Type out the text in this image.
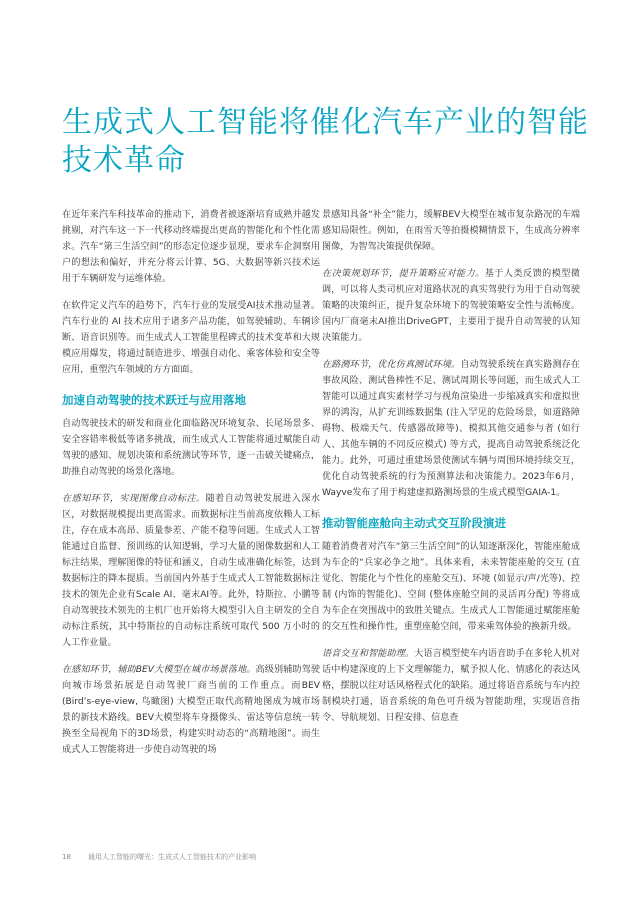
生成式人工智能将催化汽车产业的智能技术革命

在近年来汽车科技革命的推动下，消费者被逐渐培育成熟并越发挑剔，对汽车这一下一代移动终端提出更高的智能化和个性化需求。汽车“第三生活空间”的形态定位逐步显现，要求车企洞察用户的想法和偏好，并充分将云计算、5G、大数据等新兴技术运用于车辆研发与运维体验。

在软件定义汽车的趋势下，汽车行业的发展受AI技术推动显著。汽车行业的 AI 技术应用于诸多产品功能，如驾驶辅助、车辆诊断、语音识别等。而生成式人工智能里程碑式的技术变革和大规模应用爆发，将通过制造进步、增强自动化、乘客体验和安全等应用，重塑汽车领域的方方面面。

加速自动驾驶的技术跃迁与应用落地

自动驾驶技术的研发和商业化面临路况环境复杂、长尾场景多、安全容错率极低等诸多挑战，而生成式人工智能将通过赋能自动驾驶的感知、规划决策和系统测试等环节，逐一击破关键痛点，助推自动驾驶的场景化落地。

在感知环节，实现图像自动标注。随着自动驾驶发展进入深水区，对数据规模提出更高需求。而数据标注当前高度依赖人工标注，存在成本高昂、质量参差、产能不稳等问题。生成式人工智能通过自监督、预训练的认知逻辑，学习大量的图像数据和人工标注结果，理解图像的特征和涵义，自动生成准确化标签，达到数据标注的降本提质。当前国内外基于生成式人工智能数据标注技术的领先企业有Scale AI、毫末AI等。此外，特斯拉、小鹏等自动驾驶技术领先的主机厂也开始将大模型引入自主研发的全自动标注系统，其中特斯拉的自动标注系统可取代 500 万小时的人工作业量。

在感知环节，辅助BEV大模型在城市场景落地。高级别辅助驾驶向城市场景拓展是自动驾驶厂商当前的工作重点。而BEV (Bird’s-eye-view, 鸟瞰图) 大模型正取代高精地图成为城市场景的新技术路线。BEV大模型将车身摄像头、雷达等信息统一转换至全局视角下的3D场景，构建实时动态的“高精地图”。而生成式人工智能将进一步使自动驾驶的场

景感知具备“补全”能力，缓解BEV大模型在城市复杂路况的车端感知局限性。例如，在雨雪天等拍摄模糊情景下，生成高分辨率图像，为智驾决策提供保障。

在决策规划环节，提升策略应对能力。基于人类反馈的模型微调，可以将人类司机应对道路状况的真实驾驶行为用于自动驾驶策略的决策纠正，提升复杂环境下的驾驶策略安全性与流畅度。国内厂商毫末AI推出DriveGPT，主要用于提升自动驾驶的认知决策能力。

在路测环节，优化仿真测试环境。自动驾驶系统在真实路测存在事故风险、测试鲁棒性不足、测试周期长等问题，而生成式人工智能可以通过真实素材学习与视角渲染进一步缩减真实和虚拟世界的鸿沟，从扩充训练数据集 (注入罕见的危险场景，如道路障碍物、极端天气、传感器故障等)、模拟其他交通参与者 (如行人、其他车辆的不同反应模式) 等方式，提高自动驾驶系统泛化能力。此外，可通过重建场景使测试车辆与周围环境持续交互，优化自动驾驶系统的行为预测算法和决策能力。2023年6月，Wayve发布了用于构建虚拟路测场景的生成式模型GAIA-1。

推动智能座舱向主动式交互阶段演进

随着消费者对汽车“第三生活空间”的认知逐渐深化，智能座舱成为车企的“兵家必争之地”。具体来看，未来智能座舱的交互 (直觉化、智能化与个性化的座舱交互)、环境 (如显示/声/光等)、控制 (内饰的智能化)、空间 (整体座舱空间的灵活再分配) 等将成为车企在突围战中的致胜关键点。生成式人工智能通过赋能座舱的交互性和操作性，重塑座舱空间，带来乘驾体验的换新升级。

语音交互和智能助理。大语言模型使车内语音助手在多轮人机对话中构建深度的上下文理解能力，赋予拟人化、情感化的表达风格，摆脱以往对话风格程式化的缺陷。通过将语音系统与车内控制模块打通，语音系统的角色可升级为智能助理，实现语音指令、导航规划、日程安排、信息查

18 通用人工智能的曙光：生成式人工智能技术的产业影响
